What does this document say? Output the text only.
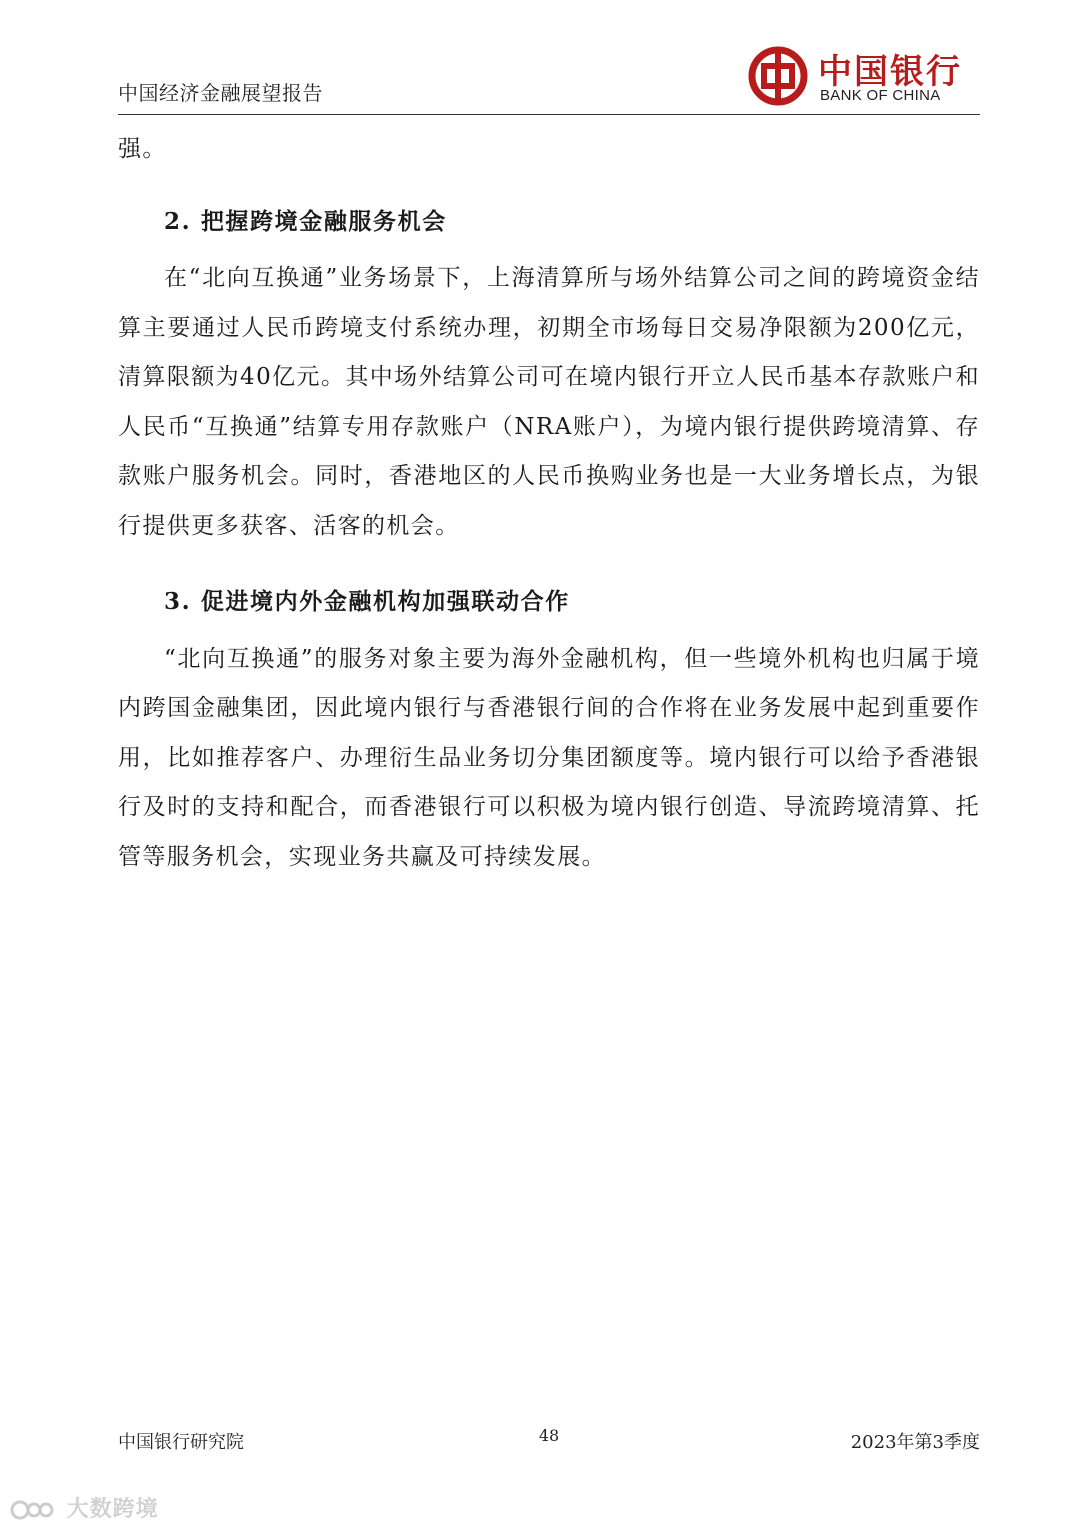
中国经济金融展望报告
中国银行
BANK OF CHINA

强。

2. 把握跨境金融服务机会

在“北向互换通”业务场景下，上海清算所与场外结算公司之间的跨境资金结算主要通过人民币跨境支付系统办理，初期全市场每日交易净限额为200亿元，清算限额为40亿元。其中场外结算公司可在境内银行开立人民币基本存款账户和人民币“互换通”结算专用存款账户（NRA账户），为境内银行提供跨境清算、存款账户服务机会。同时，香港地区的人民币换购业务也是一大业务增长点，为银行提供更多获客、活客的机会。

3. 促进境内外金融机构加强联动合作

“北向互换通”的服务对象主要为海外金融机构，但一些境外机构也归属于境内跨国金融集团，因此境内银行与香港银行间的合作将在业务发展中起到重要作用，比如推荐客户、办理衍生品业务切分集团额度等。境内银行可以给予香港银行及时的支持和配合，而香港银行可以积极为境内银行创造、导流跨境清算、托管等服务机会，实现业务共赢及可持续发展。

中国银行研究院	48	2023年第3季度
大数跨境
